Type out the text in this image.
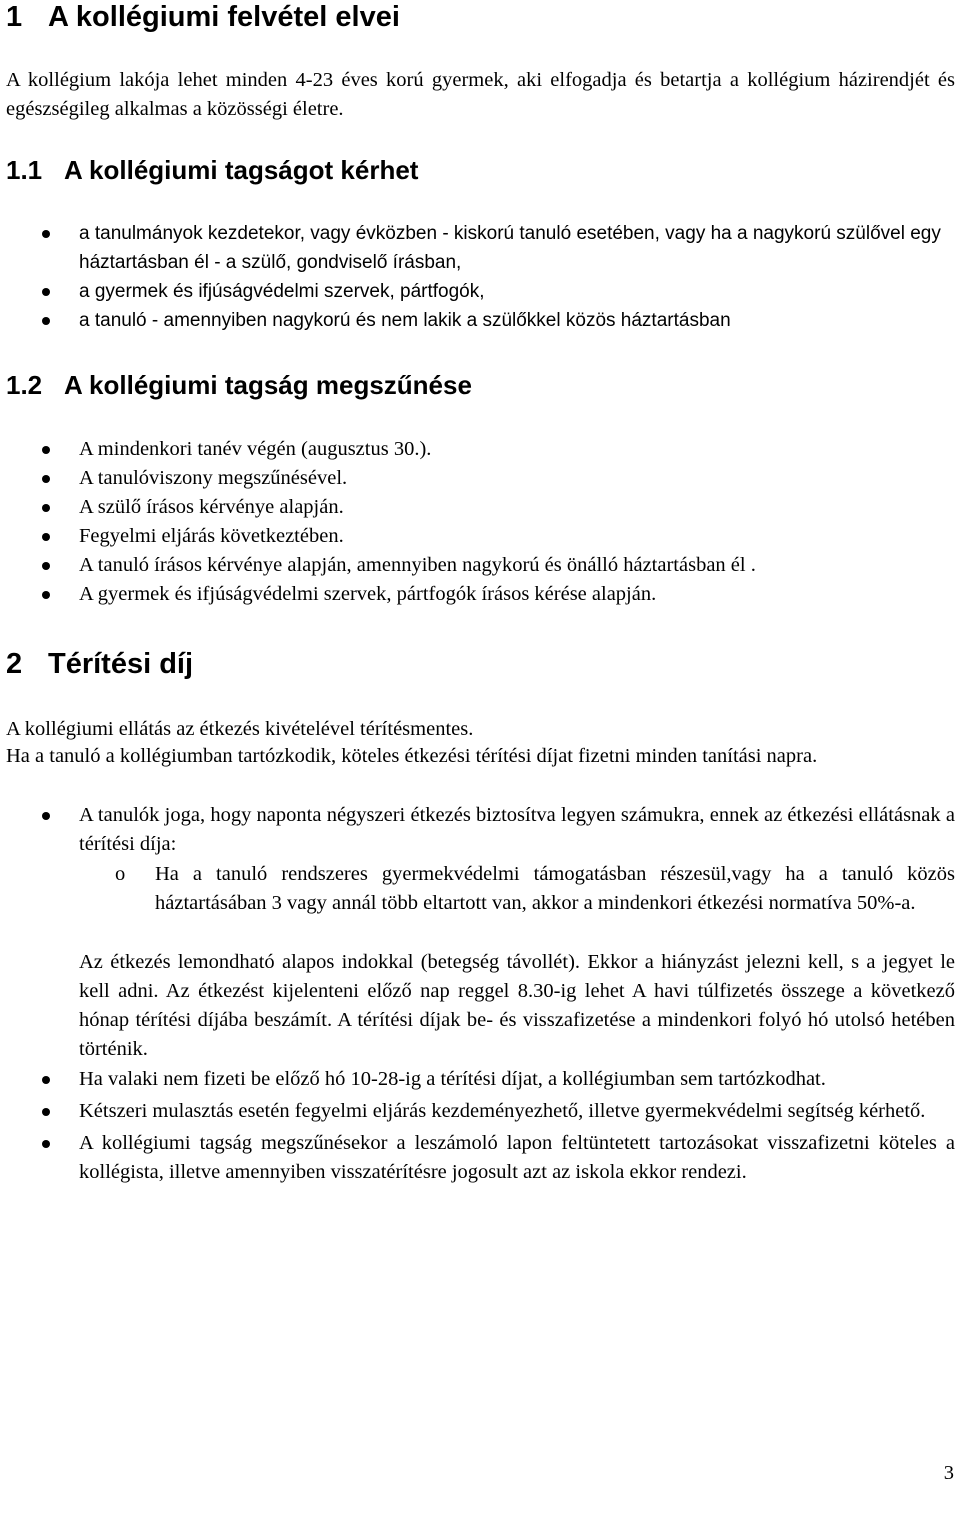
1 A kollégiumi felvétel elvei

A kollégium lakója lehet minden 4-23 éves korú gyermek, aki elfogadja és betartja a kollégium házirendjét és egészségileg alkalmas a közösségi életre.

1.1 A kollégiumi tagságot kérhet
a tanulmányok kezdetekor, vagy évközben - kiskorú tanuló esetében, vagy ha a nagykorú szülővel egy háztartásban él - a szülő, gondviselő írásban,
a gyermek és ifjúságvédelmi szervek, pártfogók,
a tanuló - amennyiben nagykorú és nem lakik a szülőkkel közös háztartásban
1.2 A kollégiumi tagság megszűnése
A mindenkori tanév végén (augusztus 30.).
A tanulóviszony megszűnésével.
A szülő írásos kérvénye alapján.
Fegyelmi eljárás következtében.
A tanuló írásos kérvénye alapján, amennyiben nagykorú és önálló háztartásban él .
A gyermek és ifjúságvédelmi szervek, pártfogók írásos kérése alapján.
2 Térítési díj

A kollégiumi ellátás az étkezés kivételével térítésmentes.

Ha a tanuló a kollégiumban tartózkodik, köteles étkezési térítési díjat fizetni minden tanítási napra.

A tanulók joga, hogy naponta négyszeri étkezés biztosítva legyen számukra, ennek az étkezési ellátásnak a térítési díja:
o Ha a tanuló rendszeres gyermekvédelmi támogatásban részesül,vagy ha a tanuló közös háztartásában 3 vagy annál több eltartott van, akkor a mindenkori étkezési normatíva 50%-a.

Az étkezés lemondható alapos indokkal (betegség távollét). Ekkor a hiányzást jelezni kell, s a jegyet le kell adni. Az étkezést kijelenteni előző nap reggel 8.30-ig lehet A havi túlfizetés összege a következő hónap térítési díjába beszámít. A térítési díjak be- és visszafizetése a mindenkori folyó hó utolsó hetében történik.

Ha valaki nem fizeti be előző hó 10-28-ig a térítési díjat, a kollégiumban sem tartózkodhat.
Kétszeri mulasztás esetén fegyelmi eljárás kezdeményezhető, illetve gyermekvédelmi segítség kérhető.
A kollégiumi tagság megszűnésekor a leszámoló lapon feltüntetett tartozásokat visszafizetni köteles a kollégista, illetve amennyiben visszatérítésre jogosult azt az iskola ekkor rendezi.
3
